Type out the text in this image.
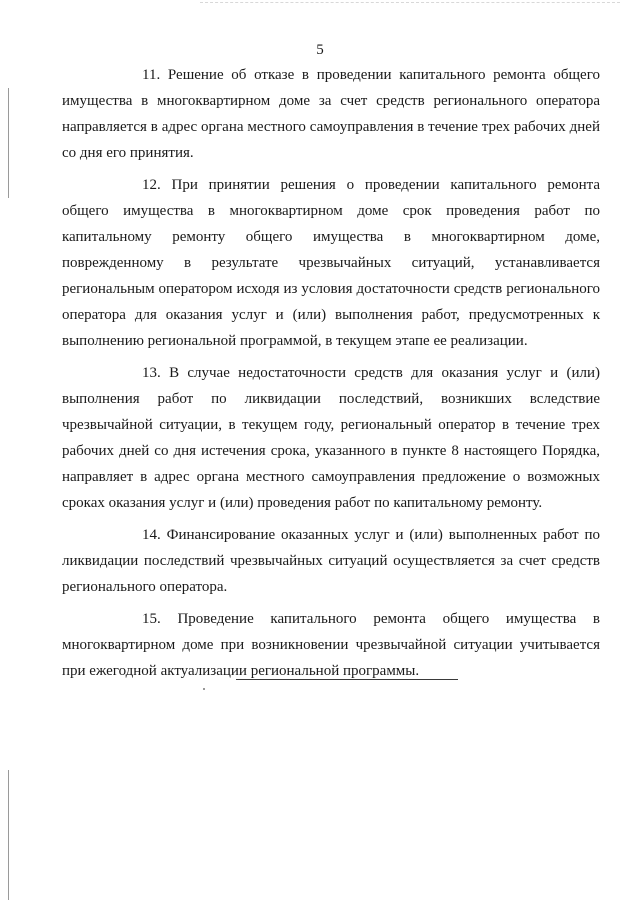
5

11. Решение об отказе в проведении капитального ремонта общего имущества в многоквартирном доме за счет средств регионального оператора направляется в адрес органа местного самоуправления в течение трех рабочих дней со дня его принятия.

12. При принятии решения о проведении капитального ремонта общего имущества в многоквартирном доме срок проведения работ по капитальному ремонту общего имущества в многоквартирном доме, поврежденному в результате чрезвычайных ситуаций, устанавливается региональным оператором исходя из условия достаточности средств регионального оператора для оказания услуг и (или) выполнения работ, предусмотренных к выполнению региональной программой, в текущем этапе ее реализации.

13. В случае недостаточности средств для оказания услуг и (или) выполнения работ по ликвидации последствий, возникших вследствие чрезвычайной ситуации, в текущем году, региональный оператор в течение трех рабочих дней со дня истечения срока, указанного в пункте 8 настоящего Порядка, направляет в адрес органа местного самоуправления предложение о возможных сроках оказания услуг и (или) проведения работ по капитальному ремонту.

14. Финансирование оказанных услуг и (или) выполненных работ по ликвидации последствий чрезвычайных ситуаций осуществляется за счет средств регионального оператора.

15. Проведение капитального ремонта общего имущества в многоквартирном доме при возникновении чрезвычайной ситуации учитывается при ежегодной актуализации региональной программы.
